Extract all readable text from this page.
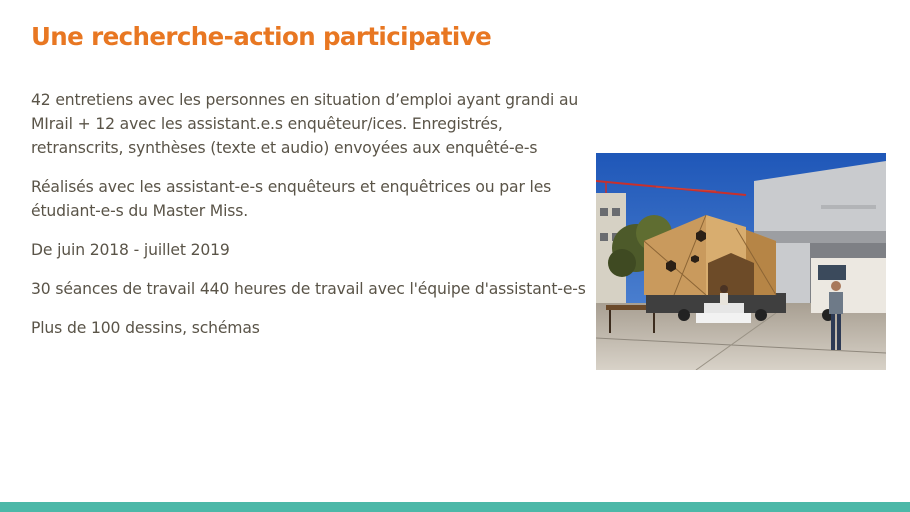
Une recherche-action participative

42 entretiens avec les personnes en situation d’emploi ayant grandi au MIrail + 12 avec les assistant.e.s enquêteur/ices. Enregistrés, retranscrits, synthèses (texte et audio) envoyées aux enquêté-e-s

Réalisés avec les assistant-e-s enquêteurs et enquêtrices ou par les étudiant-e-s du Master Miss.

De juin 2018 - juillet 2019

30 séances de travail 440 heures de travail avec l'équipe d'assistant-e-s

Plus de 100 dessins, schémas
